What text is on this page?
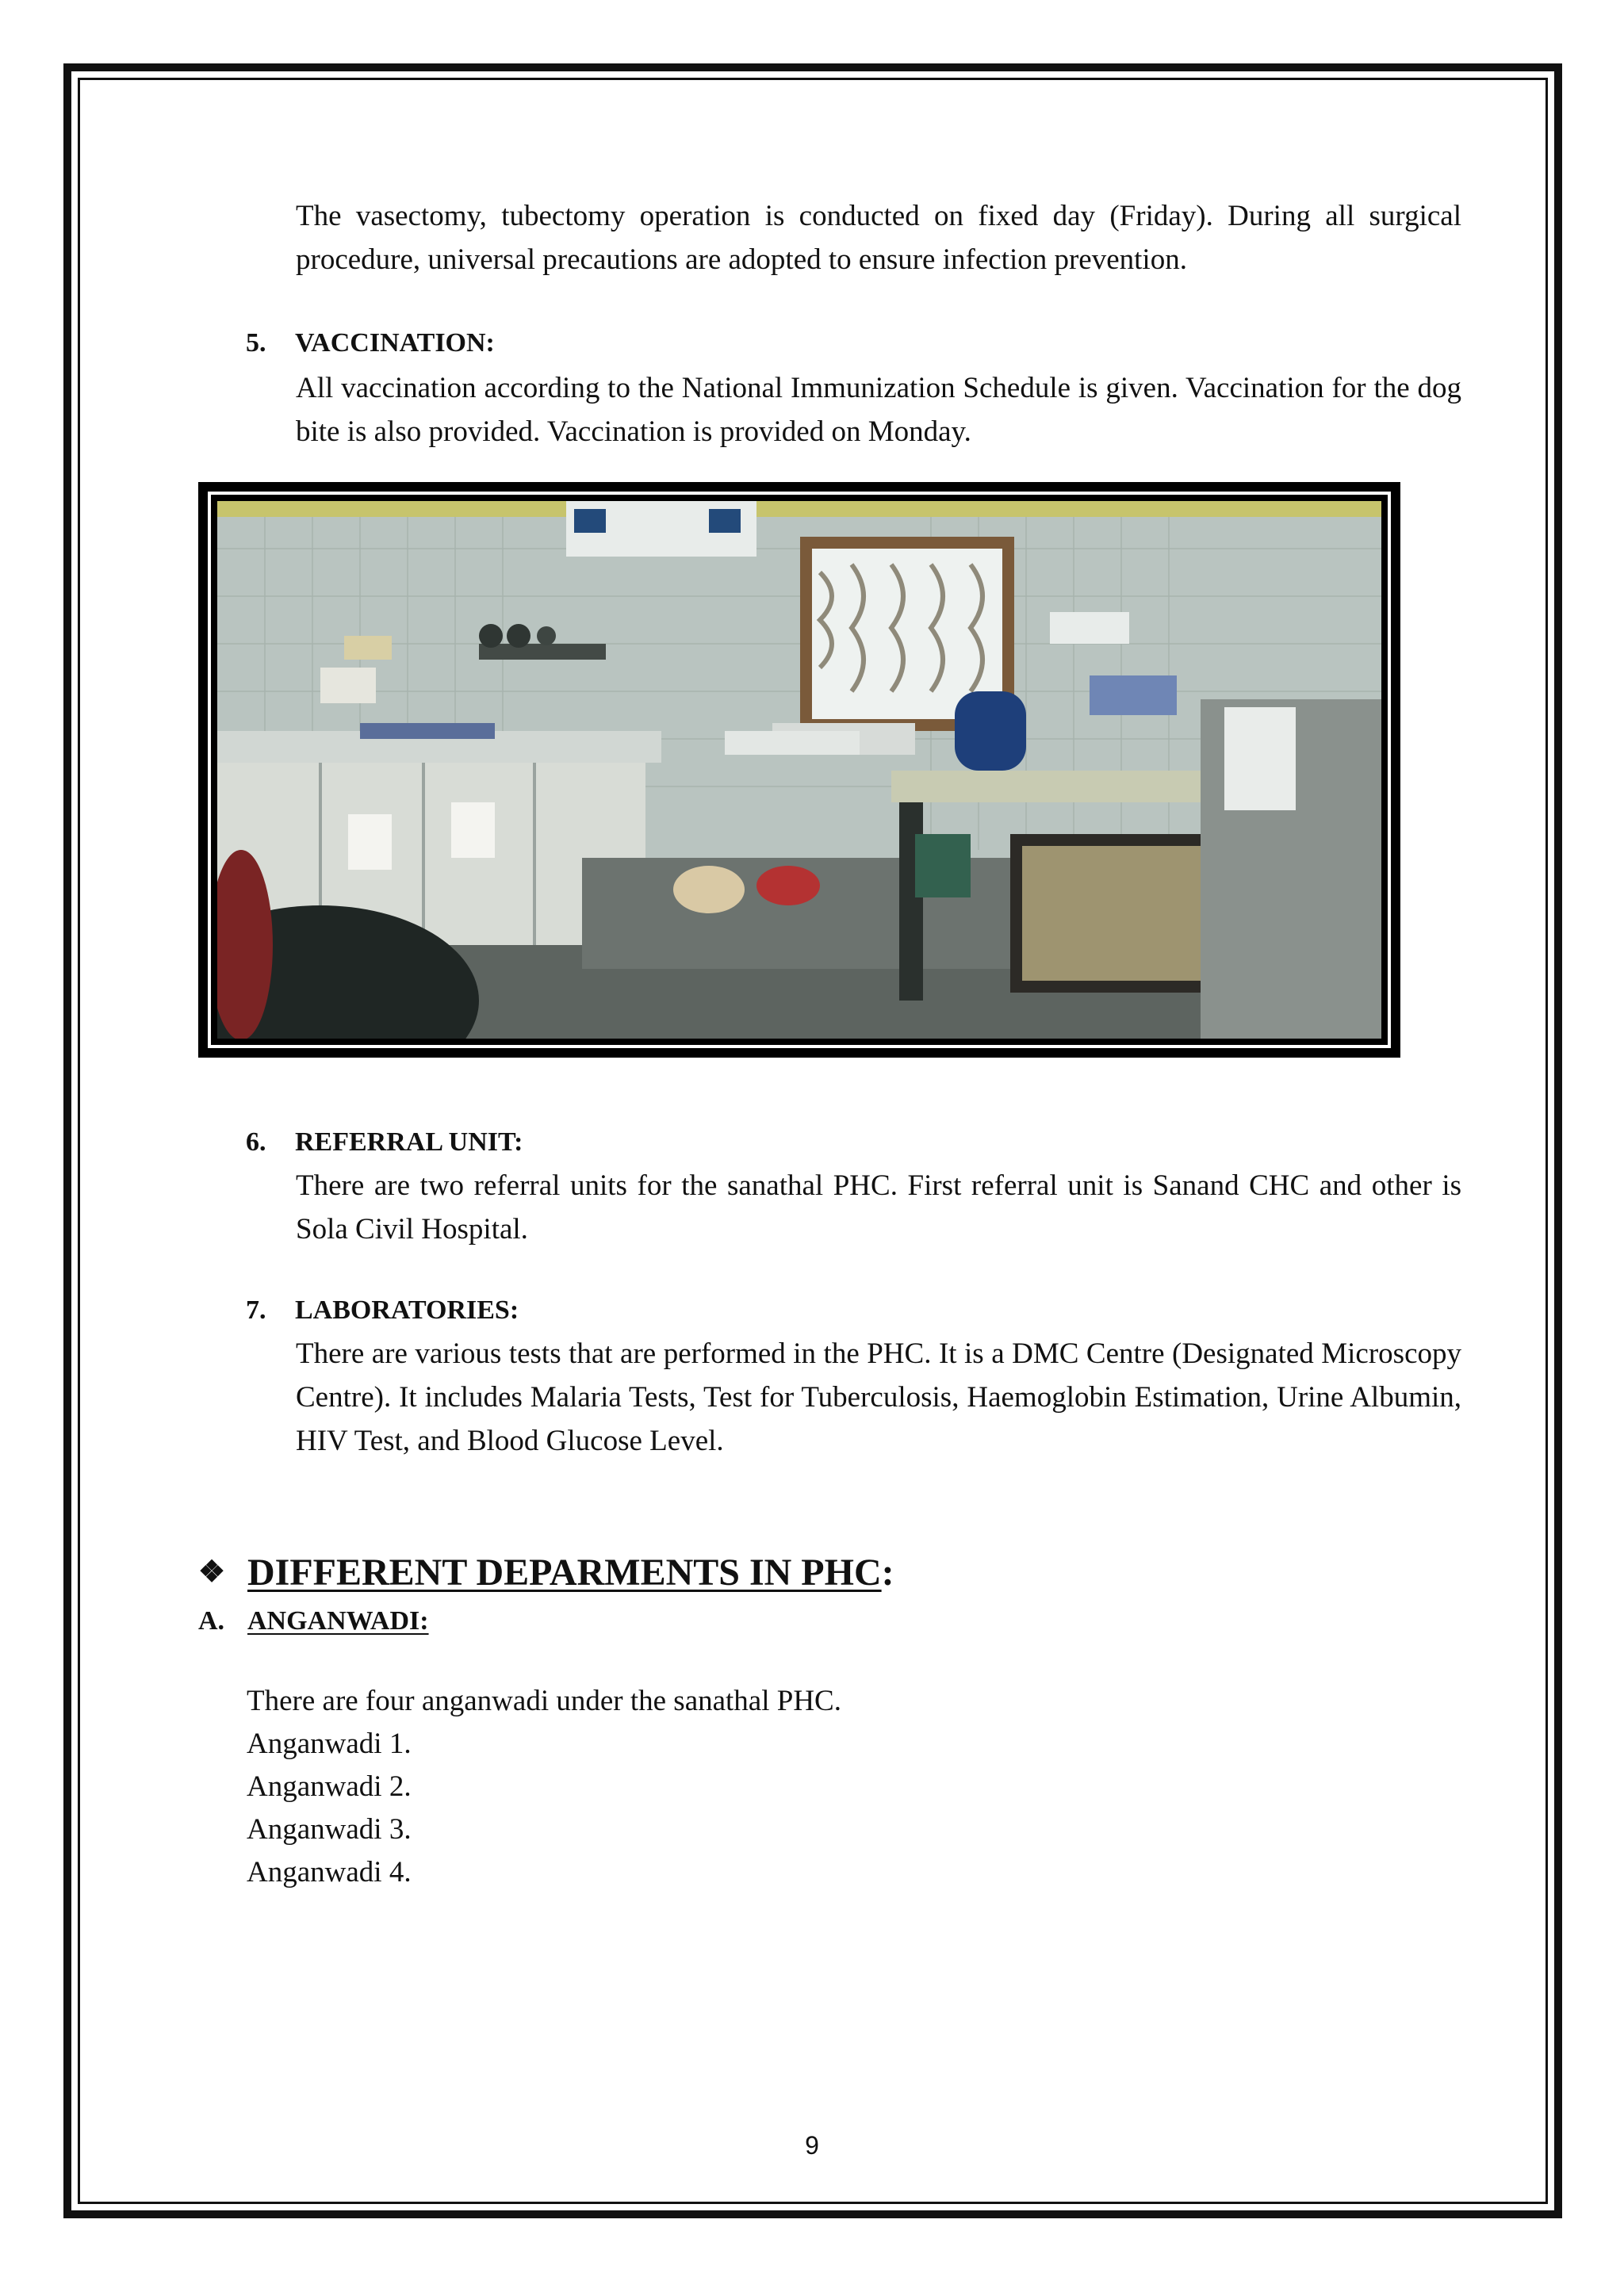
The vasectomy, tubectomy operation is conducted on fixed day (Friday). During all surgical procedure, universal precautions are adopted to ensure infection prevention.

5. VACCINATION:

All vaccination according to the National Immunization Schedule is given. Vaccination for the dog bite is also provided. Vaccination is provided on Monday.

6. REFERRAL UNIT:

There are two referral units for the sanathal PHC. First referral unit is Sanand CHC and other is Sola Civil Hospital.

7. LABORATORIES:

There are various tests that are performed in the PHC. It is a DMC Centre (Designated Microscopy Centre). It includes Malaria Tests, Test for Tuberculosis, Haemoglobin Estimation, Urine Albumin, HIV Test, and Blood Glucose Level.

❖ DIFFERENT DEPARMENTS IN PHC:
A. ANGANWADI:
There are four anganwadi under the sanathal PHC.
Anganwadi 1.
Anganwadi 2.
Anganwadi 3.
Anganwadi 4.
9
